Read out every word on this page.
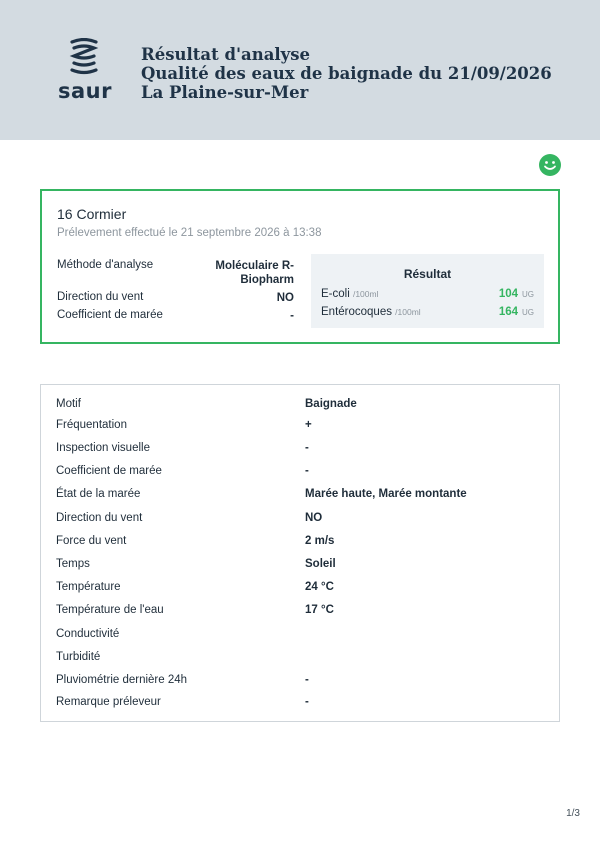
saur
Résultat d'analyse
Qualité des eaux de baignade du 21/09/2026
La Plaine-sur-Mer
16 Cormier
Prélevement effectué le 21 septembre 2026 à 13:38
Méthode d'analyse	Moléculaire R-
Biopharm
Direction du vent	NO
Coefficient de marée	-
Résultat
E-coli /100ml	104 UG
Entérocoques /100ml	164 UG
Motif	Baignade
Fréquentation	+
Inspection visuelle	-
Coefficient de marée	-
État de la marée	Marée haute, Marée montante
Direction du vent	NO
Force du vent	2 m/s
Temps	Soleil
Température	24 °C
Température de l'eau	17 °C
Conductivité
Turbidité
Pluviométrie dernière 24h	-
Remarque préleveur	-
1/3
